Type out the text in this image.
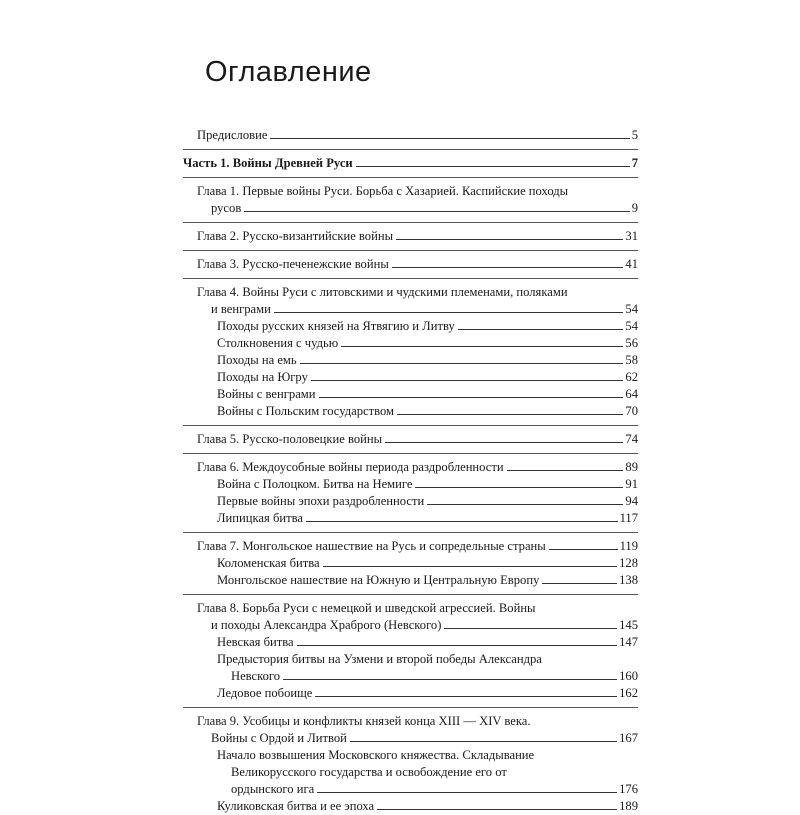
Оглавление
Предисловие	5
Часть 1. Войны Древней Руси	7
Глава 1. Первые войны Руси. Борьба с Хазарией. Каспийские походы
русов	9
Глава 2. Русско-византийские войны	31
Глава 3. Русско-печенежские войны	41
Глава 4. Войны Руси с литовскими и чудскими племенами, поляками
и венграми	54
Походы русских князей на Ятвягию и Литву	54
Столкновения с чудью	56
Походы на емь	58
Походы на Югру	62
Войны с венграми	64
Войны с Польским государством	70
Глава 5. Русско-половецкие войны	74
Глава 6. Междоусобные войны периода раздробленности	89
Война с Полоцком. Битва на Немиге	91
Первые войны эпохи раздробленности	94
Липицкая битва	117
Глава 7. Монгольское нашествие на Русь и сопредельные страны	119
Коломенская битва	128
Монгольское нашествие на Южную и Центральную Европу	138
Глава 8. Борьба Руси с немецкой и шведской агрессией. Войны
и походы Александра Храброго (Невского)	145
Невская битва	147
Предыстория битвы на Узмени и второй победы Александра
Невского	160
Ледовое побоище	162
Глава 9. Усобицы и конфликты князей конца XIII — XIV века.
Войны с Ордой и Литвой	167
Начало возвышения Московского княжества. Складывание
Великорусского государства и освобождение его от
ордынского ига	176
Куликовская битва и ее эпоха	189
